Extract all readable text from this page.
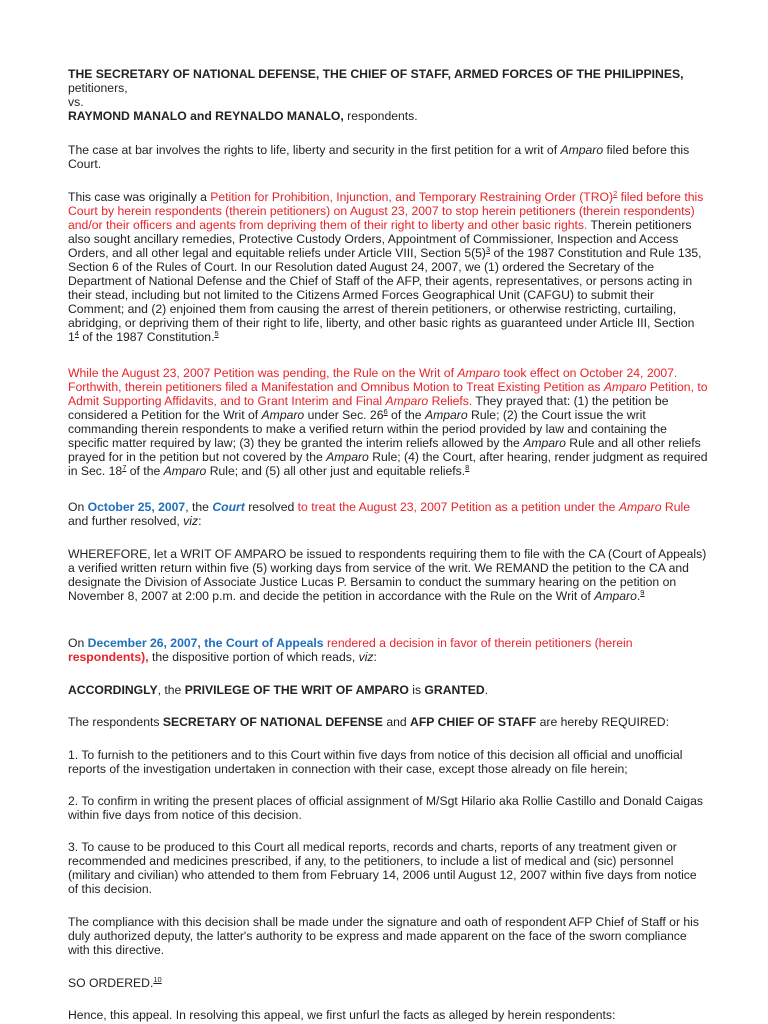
THE SECRETARY OF NATIONAL DEFENSE, THE CHIEF OF STAFF, ARMED FORCES OF THE PHILIPPINES, petitioners,
vs.
RAYMOND MANALO and REYNALDO MANALO, respondents.

The case at bar involves the rights to life, liberty and security in the first petition for a writ of Amparo filed before this Court.

This case was originally a Petition for Prohibition, Injunction, and Temporary Restraining Order (TRO)$^2$ filed before this Court by herein respondents (therein petitioners) on August 23, 2007 to stop herein petitioners (therein respondents) and/or their officers and agents from depriving them of their right to liberty and other basic rights. Therein petitioners also sought ancillary remedies, Protective Custody Orders, Appointment of Commissioner, Inspection and Access Orders, and all other legal and equitable reliefs under Article VIII, Section $5(5)^3$ of the 1987 Constitution and Rule 135, Section 6 of the Rules of Court. In our Resolution dated August 24, 2007, we (1) ordered the Secretary of the Department of National Defense and the Chief of Staff of the AFP, their agents, representatives, or persons acting in their stead, including but not limited to the Citizens Armed Forces Geographical Unit (CAFGU) to submit their Comment; and (2) enjoined them from causing the arrest of therein petitioners, or otherwise restricting, curtailing, abridging, or depriving them of their right to life, liberty, and other basic rights as guaranteed under Article III, Section $1^4$ of the 1987 Constitution.$^5$

While the August 23, 2007 Petition was pending, the Rule on the Writ of Amparo took effect on October 24, 2007. Forthwith, therein petitioners filed a Manifestation and Omnibus Motion to Treat Existing Petition as Amparo Petition, to Admit Supporting Affidavits, and to Grant Interim and Final Amparo Reliefs. They prayed that: (1) the petition be considered a Petition for the Writ of Amparo under Sec. $26^6$ of the Amparo Rule; (2) the Court issue the writ commanding therein respondents to make a verified return within the period provided by law and containing the specific matter required by law; (3) they be granted the interim reliefs allowed by the Amparo Rule and all other reliefs prayed for in the petition but not covered by the Amparo Rule; (4) the Court, after hearing, render judgment as required in Sec. $18^7$ of the Amparo Rule; and (5) all other just and equitable reliefs.$^8$

On October 25, 2007, the Court resolved to treat the August 23, 2007 Petition as a petition under the Amparo Rule and further resolved, viz:

WHEREFORE, let a WRIT OF AMPARO be issued to respondents requiring them to file with the CA (Court of Appeals) a verified written return within five (5) working days from service of the writ. We REMAND the petition to the CA and designate the Division of Associate Justice Lucas P. Bersamin to conduct the summary hearing on the petition on November 8, 2007 at 2:00 p.m. and decide the petition in accordance with the Rule on the Writ of Amparo.$^9$

On December 26, 2007, the Court of Appeals rendered a decision in favor of therein petitioners (herein respondents), the dispositive portion of which reads, viz:

ACCORDINGLY, the PRIVILEGE OF THE WRIT OF AMPARO is GRANTED.

The respondents SECRETARY OF NATIONAL DEFENSE and AFP CHIEF OF STAFF are hereby REQUIRED:

1. To furnish to the petitioners and to this Court within five days from notice of this decision all official and unofficial reports of the investigation undertaken in connection with their case, except those already on file herein;

2. To confirm in writing the present places of official assignment of M/Sgt Hilario aka Rollie Castillo and Donald Caigas within five days from notice of this decision.

3. To cause to be produced to this Court all medical reports, records and charts, reports of any treatment given or recommended and medicines prescribed, if any, to the petitioners, to include a list of medical and (sic) personnel (military and civilian) who attended to them from February 14, 2006 until August 12, 2007 within five days from notice of this decision.

The compliance with this decision shall be made under the signature and oath of respondent AFP Chief of Staff or his duly authorized deputy, the latter's authority to be express and made apparent on the face of the sworn compliance with this directive.

SO ORDERED.$^{10}$

Hence, this appeal. In resolving this appeal, we first unfurl the facts as alleged by herein respondents:
